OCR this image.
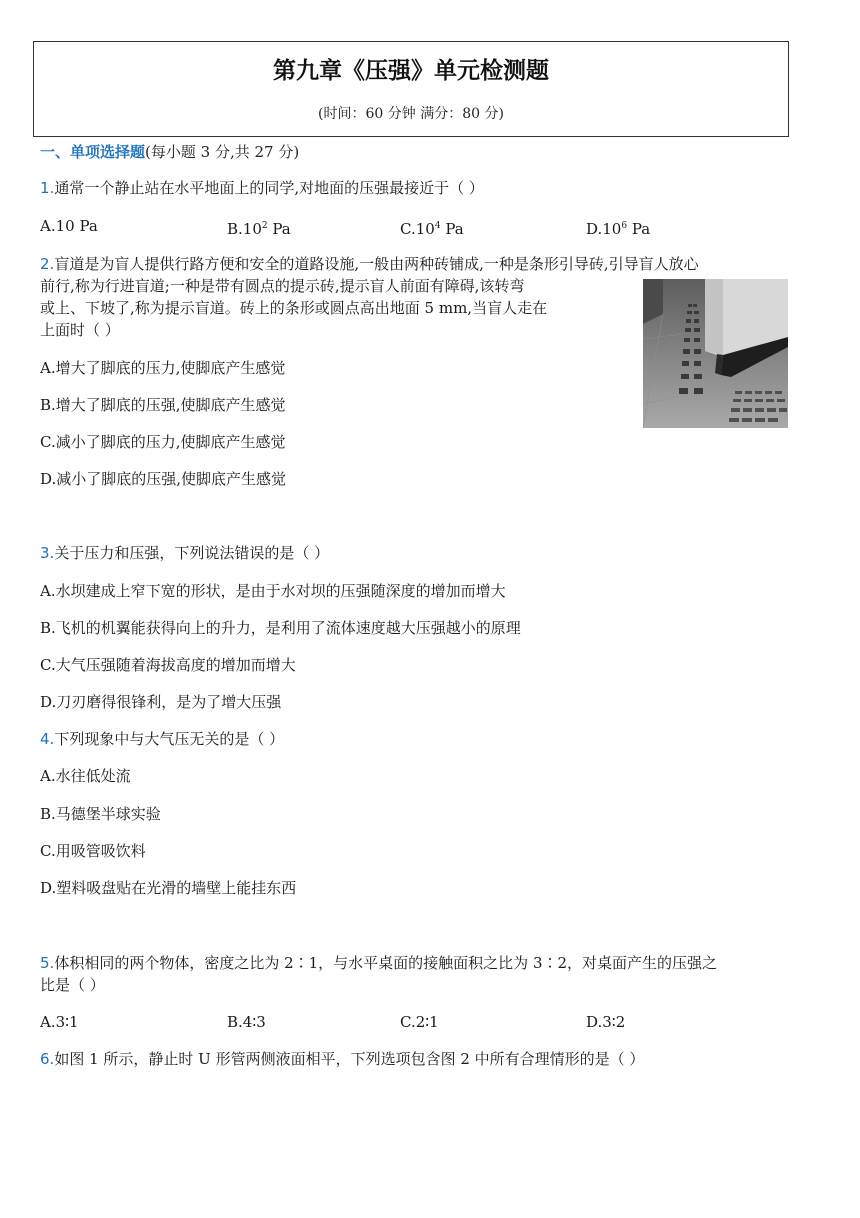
第九章《压强》单元检测题
(时间：60 分钟 满分：80 分)
一、单项选择题(每小题 3 分,共 27 分)
1.通常一个静止站在水平地面上的同学,对地面的压强最接近于（ ）
A.10 Pa	$B.10^2$ Pa	$C.10^4$ Pa	$D.10^6$ Pa
2.盲道是为盲人提供行路方便和安全的道路设施,一般由两种砖铺成,一种是条形引导砖,引导盲人放心
前行,称为行进盲道;一种是带有圆点的提示砖,提示盲人前面有障碍,该转弯
或上、下坡了,称为提示盲道。砖上的条形或圆点高出地面 5 mm,当盲人走在
上面时（ ）
A.增大了脚底的压力,使脚底产生感觉
B.增大了脚底的压强,使脚底产生感觉
C.减小了脚底的压力,使脚底产生感觉
D.减小了脚底的压强,使脚底产生感觉
3.关于压力和压强，下列说法错误的是（ ）
A.水坝建成上窄下宽的形状，是由于水对坝的压强随深度的增加而增大
B.飞机的机翼能获得向上的升力，是利用了流体速度越大压强越小的原理
C.大气压强随着海拔高度的增加而增大
D.刀刃磨得很锋利，是为了增大压强
4.下列现象中与大气压无关的是（ ）
A.水往低处流
B.马德堡半球实验
C.用吸管吸饮料
D.塑料吸盘贴在光滑的墙壁上能挂东西
5.体积相同的两个物体，密度之比为 2∶1，与水平桌面的接触面积之比为 3∶2，对桌面产生的压强之
比是（ ）
A.3∶1	B.4∶3	C.2∶1	D.3∶2
6.如图 1 所示，静止时 U 形管两侧液面相平，下列选项包含图 2 中所有合理情形的是（ ）
